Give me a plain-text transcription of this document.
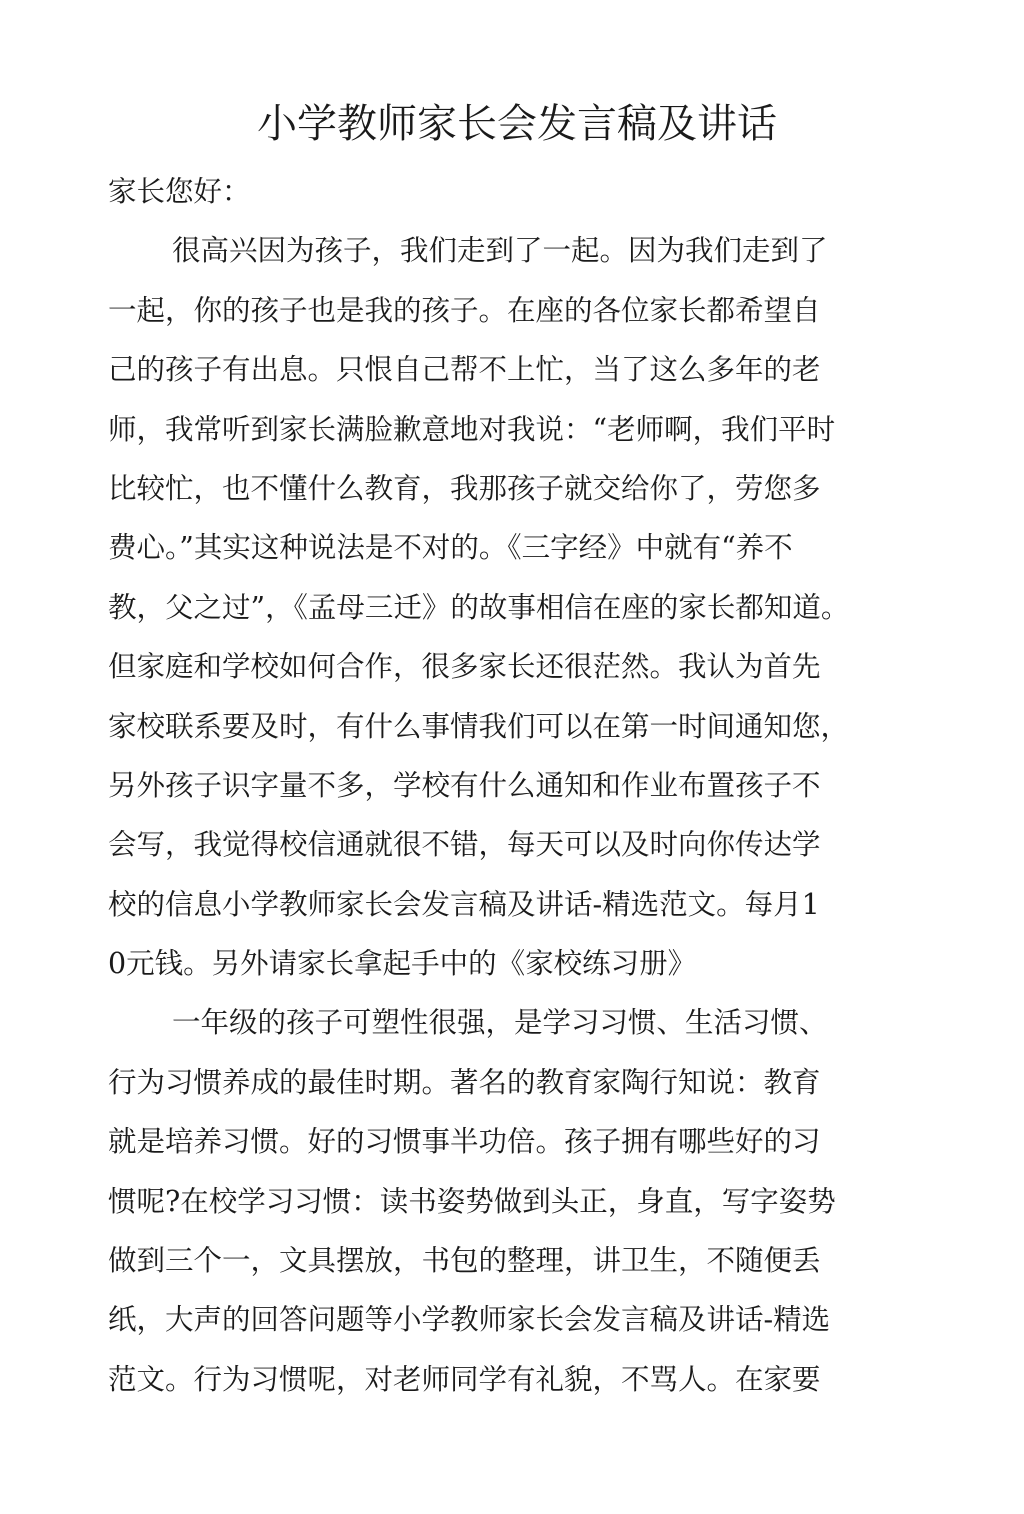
小学教师家长会发言稿及讲话
家长您好：
很高兴因为孩子，我们走到了一起。因为我们走到了
一起，你的孩子也是我的孩子。在座的各位家长都希望自
己的孩子有出息。只恨自己帮不上忙，当了这么多年的老
师，我常听到家长满脸歉意地对我说：“老师啊，我们平时
比较忙，也不懂什么教育，我那孩子就交给你了，劳您多
费心。”其实这种说法是不对的。《三字经》中就有“养不
教，父之过”，《孟母三迁》的故事相信在座的家长都知道。
但家庭和学校如何合作，很多家长还很茫然。我认为首先
家校联系要及时，有什么事情我们可以在第一时间通知您，
另外孩子识字量不多，学校有什么通知和作业布置孩子不
会写，我觉得校信通就很不错，每天可以及时向你传达学
校的信息小学教师家长会发言稿及讲话-精选范文。每月1
0元钱。另外请家长拿起手中的《家校练习册》
一年级的孩子可塑性很强，是学习习惯、生活习惯、
行为习惯养成的最佳时期。著名的教育家陶行知说：教育
就是培养习惯。好的习惯事半功倍。孩子拥有哪些好的习
惯呢?在校学习习惯：读书姿势做到头正，身直，写字姿势
做到三个一，文具摆放，书包的整理，讲卫生，不随便丢
纸，大声的回答问题等小学教师家长会发言稿及讲话-精选
范文。行为习惯呢，对老师同学有礼貌，不骂人。在家要
